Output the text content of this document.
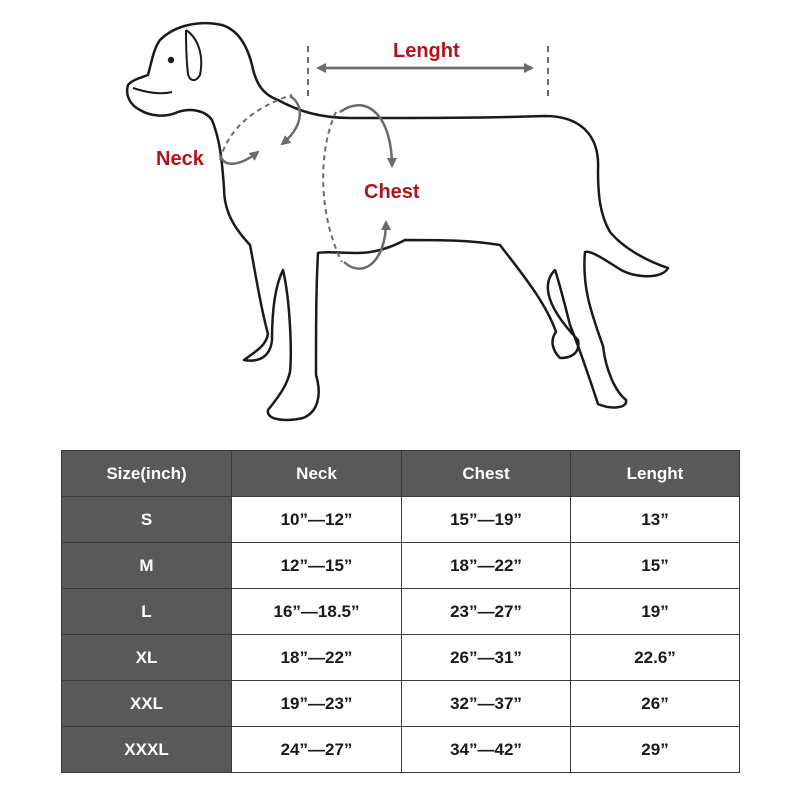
Lenght
Neck
Chest
Size(inch)	Neck	Chest	Lenght
S	10”—12”	15”—19”	13”
M	12”—15”	18”—22”	15”
L	16”—18.5”	23”—27”	19”
XL	18”—22”	26”—31”	22.6”
XXL	19”—23”	32”—37”	26”
XXXL	24”—27”	34”—42”	29”
